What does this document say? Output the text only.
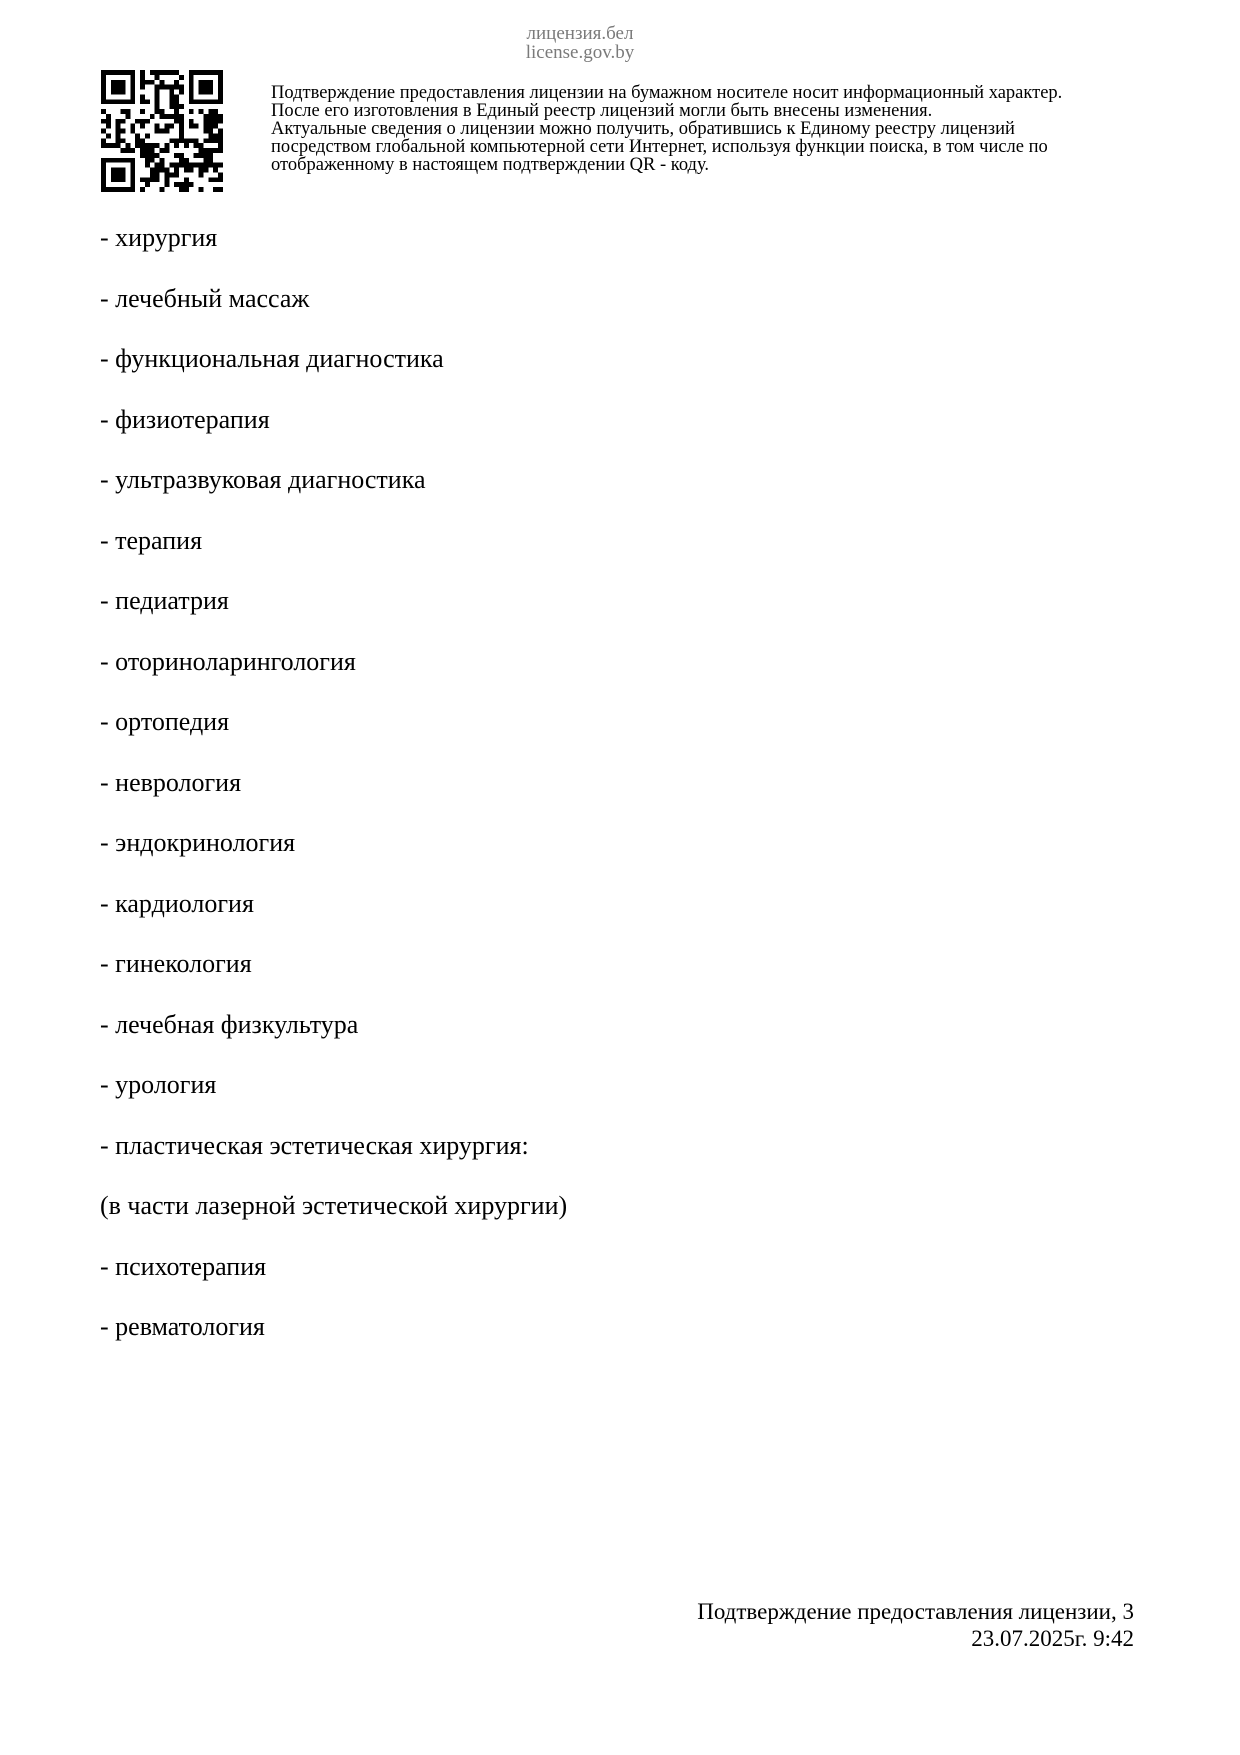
лицензия.бел
license.gov.by
Подтверждение предоставления лицензии на бумажном носителе носит информационный характер.
После его изготовления в Единый реестр лицензий могли быть внесены изменения.
Актуальные сведения о лицензии можно получить, обратившись к Единому реестру лицензий
посредством глобальной компьютерной сети Интернет, используя функции поиска, в том числе по
отображенному в настоящем подтверждении QR - коду.
- хирургия
- лечебный массаж
- функциональная диагностика
- физиотерапия
- ультразвуковая диагностика
- терапия
- педиатрия
- оториноларингология
- ортопедия
- неврология
- эндокринология
- кардиология
- гинекология
- лечебная физкультура
- урология
- пластическая эстетическая хирургия:
(в части лазерной эстетической хирургии)
- психотерапия
- ревматология
Подтверждение предоставления лицензии, 3
23.07.2025г. 9:42
